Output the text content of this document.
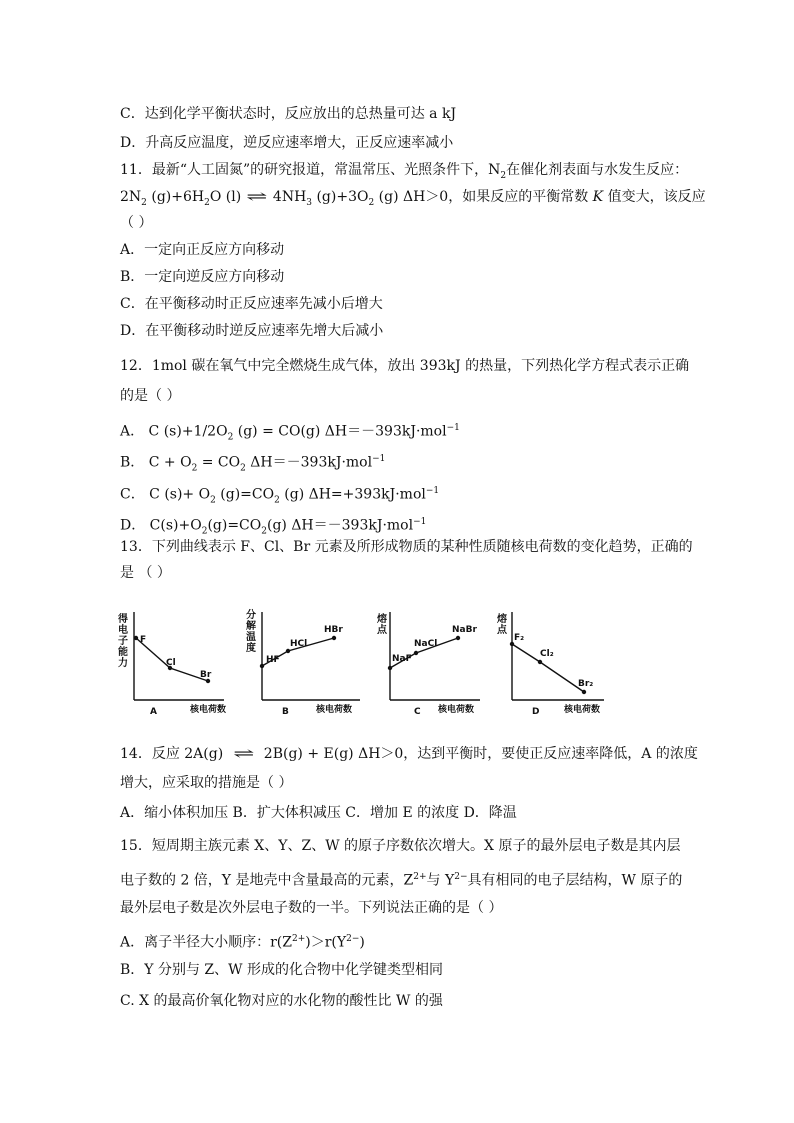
C．达到化学平衡状态时，反应放出的总热量可达 a kJ
D．升高反应温度，逆反应速率增大，正反应速率减小
11．最新“人工固氮”的研究报道，常温常压、光照条件下，$N_2$在催化剂表面与水发生反应：
$2N_2$ $(g)+6H_2O$ (l) ⇌ $4NH_3$ $(g)+3O_2$ (g) ΔH＞0，如果反应的平衡常数 K 值变大，该反应
（ ）
A．一定向正反应方向移动
B．一定向逆反应方向移动
C．在平衡移动时正反应速率先减小后增大
D．在平衡移动时逆反应速率先增大后减小
12．1mol 碳在氧气中完全燃烧生成气体，放出 393kJ 的热量，下列热化学方程式表示正确
的是（ ）
A． C $(s)+1/2O_2$ (g) = CO(g) ΔH＝－393kJ·mol$^{-1}$
B． $C + O_2 = CO_2$ ΔH＝－393kJ·mol$^{-1}$
C． C $(s)+ O_2$ $(g)=CO_2$ (g) ΔH=+393kJ·mol$^{-1}$
D． $C(s)+O_2(g)=CO_2(g)$ ΔH＝－393kJ·mol$^{-1}$
13．下列曲线表示 F、Cl、Br 元素及所形成物质的某种性质随核电荷数的变化趋势，正确的
是 （ ）
得电子能力
F
Cl
Br
A	核电荷数
分解温度
HF
HCl
HBr
B	核电荷数
熔点
NaF
NaCl
NaBr
C 核电荷数
熔点
F₂
Cl₂
Br₂
D	核电荷数
14．反应 2A(g) ⇌ 2B(g) + E(g) ΔH＞0，达到平衡时，要使正反应速率降低，A 的浓度
增大，应采取的措施是（ ）
A．缩小体积加压 B．扩大体积减压 C．增加 E 的浓度 D．降温
15．短周期主族元素 X、Y、Z、W 的原子序数依次增大。X 原子的最外层电子数是其内层
电子数的 2 倍，Y 是地壳中含量最高的元素，$Z^{2+}$与 $Y^{2-}$具有相同的电子层结构，W 原子的
最外层电子数是次外层电子数的一半。下列说法正确的是（ ）
A．离子半径大小顺序：$r(Z^{2+})>r(Y^{2-})$
B．Y 分别与 Z、W 形成的化合物中化学键类型相同
C. X 的最高价氧化物对应的水化物的酸性比 W 的强
